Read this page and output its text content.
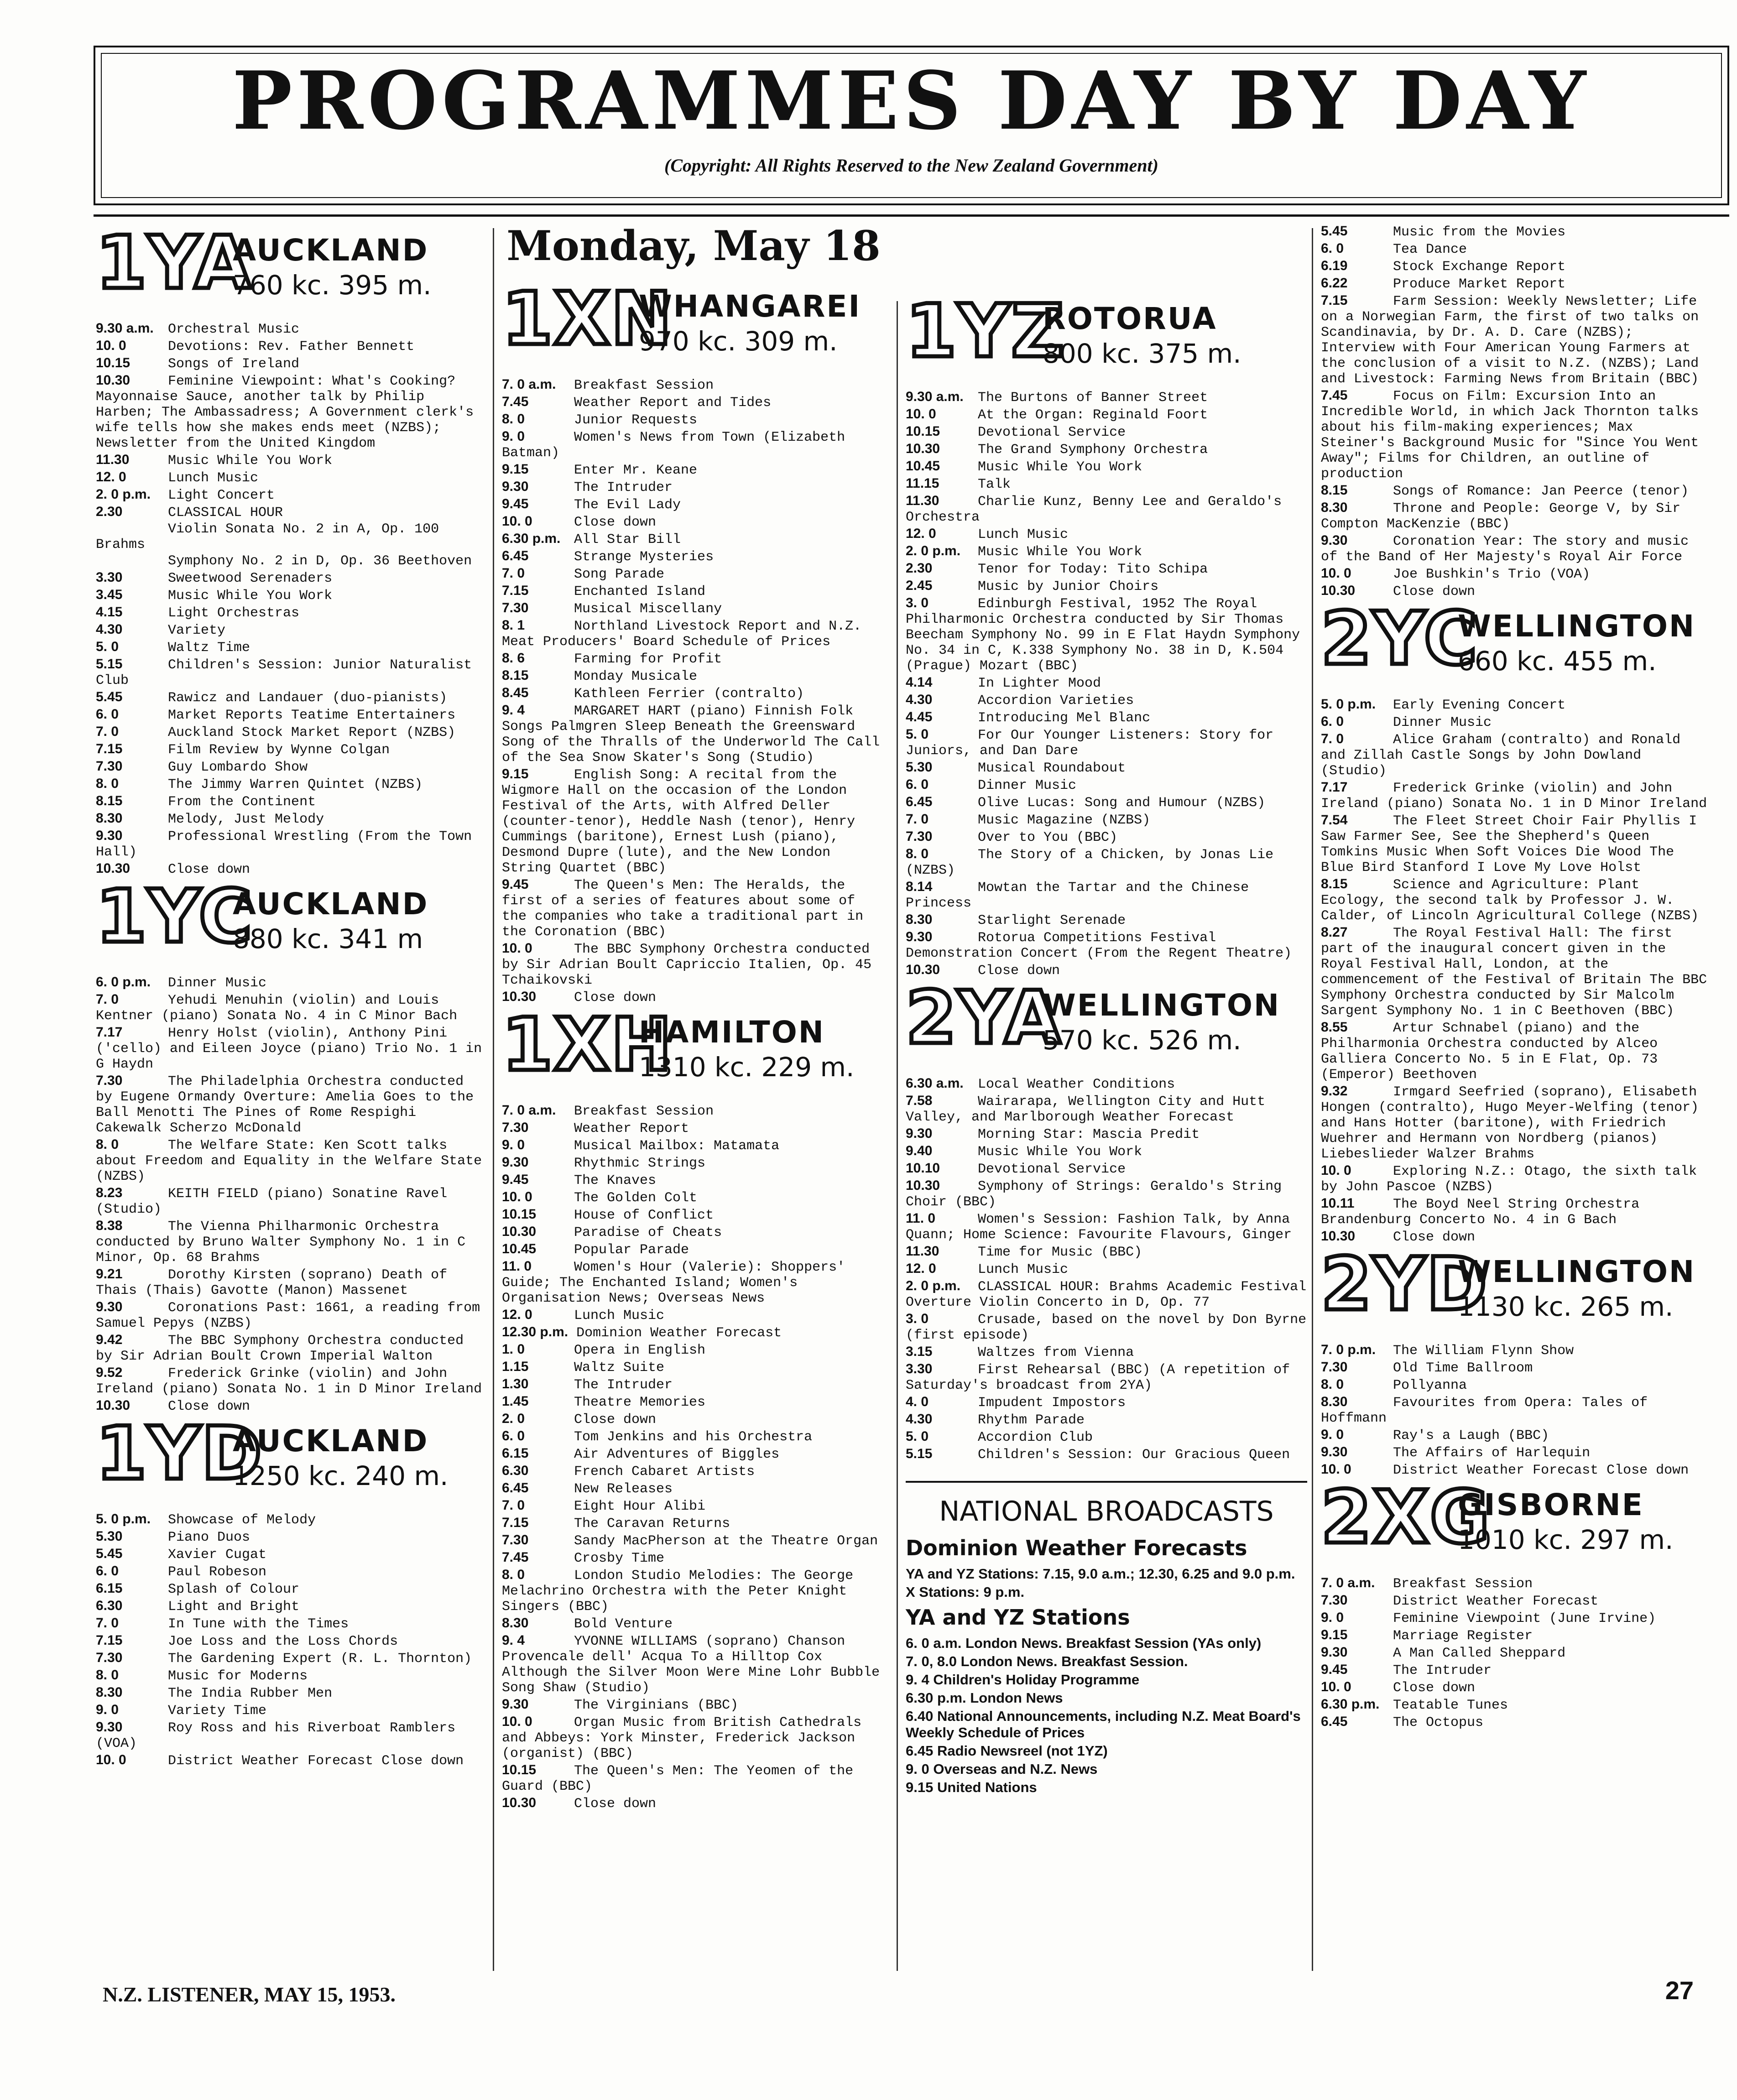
PROGRAMMES DAY BY DAY
(Copyright: All Rights Reserved to the New Zealand Government)
1YA
AUCKLAND
760 kc. 395 m.
9.30 a.m. Orchestral Music
10. 0	Devotions: Rev. Father Bennett
10.15	Songs of Ireland
10.30	Feminine Viewpoint: What's Cooking? Mayonnaise Sauce, another talk by Philip Harben; The Ambassadress; A Government clerk's wife tells how she makes ends meet (NZBS); Newsletter from the United Kingdom
11.30	Music While You Work
12. 0	Lunch Music
2. 0 p.m. Light Concert
2.30	CLASSICAL HOUR
Violin Sonata No. 2 in A, Op. 100 Brahms
Symphony No. 2 in D, Op. 36 Beethoven
3.30	Sweetwood Serenaders
3.45	Music While You Work
4.15	Light Orchestras
4.30	Variety
5. 0	Waltz Time
5.15	Children's Session: Junior Naturalist Club
5.45	Rawicz and Landauer (duo-pianists)
6. 0	Market Reports Teatime Entertainers
7. 0	Auckland Stock Market Report (NZBS)
7.15	Film Review by Wynne Colgan
7.30	Guy Lombardo Show
8. 0	The Jimmy Warren Quintet (NZBS)
8.15	From the Continent
8.30	Melody, Just Melody
9.30	Professional Wrestling (From the Town Hall)
10.30	Close down
1YC
AUCKLAND
880 kc. 341 m
6. 0 p.m. Dinner Music
7. 0	Yehudi Menuhin (violin) and Louis Kentner (piano) Sonata No. 4 in C Minor Bach
7.17	Henry Holst (violin), Anthony Pini ('cello) and Eileen Joyce (piano) Trio No. 1 in G Haydn
7.30	The Philadelphia Orchestra conducted by Eugene Ormandy Overture: Amelia Goes to the Ball Menotti The Pines of Rome Respighi Cakewalk Scherzo McDonald
8. 0	The Welfare State: Ken Scott talks about Freedom and Equality in the Welfare State (NZBS)
8.23	KEITH FIELD (piano) Sonatine Ravel (Studio)
8.38	The Vienna Philharmonic Orchestra conducted by Bruno Walter Symphony No. 1 in C Minor, Op. 68 Brahms
9.21	Dorothy Kirsten (soprano) Death of Thais (Thais) Gavotte (Manon) Massenet
9.30	Coronations Past: 1661, a reading from Samuel Pepys (NZBS)
9.42	The BBC Symphony Orchestra conducted by Sir Adrian Boult Crown Imperial Walton
9.52	Frederick Grinke (violin) and John Ireland (piano) Sonata No. 1 in D Minor Ireland
10.30	Close down
1YD
AUCKLAND
1250 kc. 240 m.
5. 0 p.m. Showcase of Melody
5.30	Piano Duos
5.45	Xavier Cugat
6. 0	Paul Robeson
6.15	Splash of Colour
6.30	Light and Bright
7. 0	In Tune with the Times
7.15	Joe Loss and the Loss Chords
7.30	The Gardening Expert (R. L. Thornton)
8. 0	Music for Moderns
8.30	The India Rubber Men
9. 0	Variety Time
9.30	Roy Ross and his Riverboat Ramblers (VOA)
10. 0	District Weather Forecast Close down
Monday, May 18
1XN
WHANGAREI
970 kc. 309 m.
7. 0 a.m. Breakfast Session
7.45	Weather Report and Tides
8. 0	Junior Requests
9. 0	Women's News from Town (Elizabeth Batman)
9.15	Enter Mr. Keane
9.30	The Intruder
9.45	The Evil Lady
10. 0	Close down
6.30 p.m. All Star Bill
6.45	Strange Mysteries
7. 0	Song Parade
7.15	Enchanted Island
7.30	Musical Miscellany
8. 1	Northland Livestock Report and N.Z. Meat Producers' Board Schedule of Prices
8. 6	Farming for Profit
8.15	Monday Musicale
8.45	Kathleen Ferrier (contralto)
9. 4	MARGARET HART (piano) Finnish Folk Songs Palmgren Sleep Beneath the Greensward Song of the Thralls of the Underworld The Call of the Sea Snow Skater's Song (Studio)
9.15	English Song: A recital from the Wigmore Hall on the occasion of the London Festival of the Arts, with Alfred Deller (counter-tenor), Heddle Nash (tenor), Henry Cummings (baritone), Ernest Lush (piano), Desmond Dupre (lute), and the New London String Quartet (BBC)
9.45	The Queen's Men: The Heralds, the first of a series of features about some of the companies who take a traditional part in the Coronation (BBC)
10. 0	The BBC Symphony Orchestra conducted by Sir Adrian Boult Capriccio Italien, Op. 45 Tchaikovski
10.30	Close down
1XH
HAMILTON
1310 kc. 229 m.
7. 0 a.m. Breakfast Session
7.30	Weather Report
9. 0	Musical Mailbox: Matamata
9.30	Rhythmic Strings
9.45	The Knaves
10. 0	The Golden Colt
10.15	House of Conflict
10.30	Paradise of Cheats
10.45	Popular Parade
11. 0	Women's Hour (Valerie): Shoppers' Guide; The Enchanted Island; Women's Organisation News; Overseas News
12. 0	Lunch Music
12.30 p.m. Dominion Weather Forecast
1. 0	Opera in English
1.15	Waltz Suite
1.30	The Intruder
1.45	Theatre Memories
2. 0	Close down
6. 0	Tom Jenkins and his Orchestra
6.15	Air Adventures of Biggles
6.30	French Cabaret Artists
6.45	New Releases
7. 0	Eight Hour Alibi
7.15	The Caravan Returns
7.30	Sandy MacPherson at the Theatre Organ
7.45	Crosby Time
8. 0	London Studio Melodies: The George Melachrino Orchestra with the Peter Knight Singers (BBC)
8.30	Bold Venture
9. 4	YVONNE WILLIAMS (soprano) Chanson Provencale dell' Acqua To a Hilltop Cox Although the Silver Moon Were Mine Lohr Bubble Song Shaw (Studio)
9.30	The Virginians (BBC)
10. 0	Organ Music from British Cathedrals and Abbeys: York Minster, Frederick Jackson (organist) (BBC)
10.15	The Queen's Men: The Yeomen of the Guard (BBC)
10.30	Close down
1YZ
ROTORUA
800 kc. 375 m.
9.30 a.m. The Burtons of Banner Street
10. 0	At the Organ: Reginald Foort
10.15	Devotional Service
10.30	The Grand Symphony Orchestra
10.45	Music While You Work
11.15	Talk
11.30	Charlie Kunz, Benny Lee and Geraldo's Orchestra
12. 0	Lunch Music
2. 0 p.m. Music While You Work
2.30	Tenor for Today: Tito Schipa
2.45	Music by Junior Choirs
3. 0	Edinburgh Festival, 1952 The Royal Philharmonic Orchestra conducted by Sir Thomas Beecham Symphony No. 99 in E Flat Haydn Symphony No. 34 in C, K.338 Symphony No. 38 in D, K.504 (Prague) Mozart (BBC)
4.14	In Lighter Mood
4.30	Accordion Varieties
4.45	Introducing Mel Blanc
5. 0	For Our Younger Listeners: Story for Juniors, and Dan Dare
5.30	Musical Roundabout
6. 0	Dinner Music
6.45	Olive Lucas: Song and Humour (NZBS)
7. 0	Music Magazine (NZBS)
7.30	Over to You (BBC)
8. 0	The Story of a Chicken, by Jonas Lie (NZBS)
8.14	Mowtan the Tartar and the Chinese Princess
8.30	Starlight Serenade
9.30	Rotorua Competitions Festival Demonstration Concert (From the Regent Theatre)
10.30	Close down
2YA
WELLINGTON
570 kc. 526 m.
6.30 a.m. Local Weather Conditions
7.58	Wairarapa, Wellington City and Hutt Valley, and Marlborough Weather Forecast
9.30	Morning Star: Mascia Predit
9.40	Music While You Work
10.10	Devotional Service
10.30	Symphony of Strings: Geraldo's String Choir (BBC)
11. 0	Women's Session: Fashion Talk, by Anna Quann; Home Science: Favourite Flavours, Ginger
11.30	Time for Music (BBC)
12. 0	Lunch Music
2. 0 p.m. CLASSICAL HOUR: Brahms Academic Festival Overture Violin Concerto in D, Op. 77
3. 0	Crusade, based on the novel by Don Byrne (first episode)
3.15	Waltzes from Vienna
3.30	First Rehearsal (BBC) (A repetition of Saturday's broadcast from 2YA)
4. 0	Impudent Impostors
4.30	Rhythm Parade
5. 0	Accordion Club
5.15	Children's Session: Our Gracious Queen
NATIONAL BROADCASTS
Dominion Weather Forecasts
YA and YZ Stations: 7.15, 9.0 a.m.; 12.30, 6.25 and 9.0 p.m.
X Stations: 9 p.m.
YA and YZ Stations
6. 0 a.m. London News. Breakfast Session (YAs only)
7. 0, 8.0 London News. Breakfast Session.
9. 4 Children's Holiday Programme
6.30 p.m. London News
6.40 National Announcements, including N.Z. Meat Board's Weekly Schedule of Prices
6.45 Radio Newsreel (not 1YZ)
9. 0 Overseas and N.Z. News
9.15 United Nations
5.45	Music from the Movies
6. 0	Tea Dance
6.19	Stock Exchange Report
6.22	Produce Market Report
7.15	Farm Session: Weekly Newsletter; Life on a Norwegian Farm, the first of two talks on Scandinavia, by Dr. A. D. Care (NZBS); Interview with Four American Young Farmers at the conclusion of a visit to N.Z. (NZBS); Land and Livestock: Farming News from Britain (BBC)
7.45	Focus on Film: Excursion Into an Incredible World, in which Jack Thornton talks about his film-making experiences; Max Steiner's Background Music for "Since You Went Away"; Films for Children, an outline of production
8.15	Songs of Romance: Jan Peerce (tenor)
8.30	Throne and People: George V, by Sir Compton MacKenzie (BBC)
9.30	Coronation Year: The story and music of the Band of Her Majesty's Royal Air Force
10. 0	Joe Bushkin's Trio (VOA)
10.30	Close down
2YC
WELLINGTON
660 kc. 455 m.
5. 0 p.m. Early Evening Concert
6. 0	Dinner Music
7. 0	Alice Graham (contralto) and Ronald and Zillah Castle Songs by John Dowland (Studio)
7.17	Frederick Grinke (violin) and John Ireland (piano) Sonata No. 1 in D Minor Ireland
7.54	The Fleet Street Choir Fair Phyllis I Saw Farmer See, See the Shepherd's Queen Tomkins Music When Soft Voices Die Wood The Blue Bird Stanford I Love My Love Holst
8.15	Science and Agriculture: Plant Ecology, the second talk by Professor J. W. Calder, of Lincoln Agricultural College (NZBS)
8.27	The Royal Festival Hall: The first part of the inaugural concert given in the Royal Festival Hall, London, at the commencement of the Festival of Britain The BBC Symphony Orchestra conducted by Sir Malcolm Sargent Symphony No. 1 in C Beethoven (BBC)
8.55	Artur Schnabel (piano) and the Philharmonia Orchestra conducted by Alceo Galliera Concerto No. 5 in E Flat, Op. 73 (Emperor) Beethoven
9.32	Irmgard Seefried (soprano), Elisabeth Hongen (contralto), Hugo Meyer-Welfing (tenor) and Hans Hotter (baritone), with Friedrich Wuehrer and Hermann von Nordberg (pianos) Liebeslieder Walzer Brahms
10. 0	Exploring N.Z.: Otago, the sixth talk by John Pascoe (NZBS)
10.11	The Boyd Neel String Orchestra Brandenburg Concerto No. 4 in G Bach
10.30	Close down
2YD
WELLINGTON
1130 kc. 265 m.
7. 0 p.m. The William Flynn Show
7.30	Old Time Ballroom
8. 0	Pollyanna
8.30	Favourites from Opera: Tales of Hoffmann
9. 0	Ray's a Laugh (BBC)
9.30	The Affairs of Harlequin
10. 0	District Weather Forecast Close down
2XG
GISBORNE
1010 kc. 297 m.
7. 0 a.m. Breakfast Session
7.30	District Weather Forecast
9. 0	Feminine Viewpoint (June Irvine)
9.15	Marriage Register
9.30	A Man Called Sheppard
9.45	The Intruder
10. 0	Close down
6.30 p.m. Teatable Tunes
6.45	The Octopus
N.Z. LISTENER, MAY 15, 1953.	27
